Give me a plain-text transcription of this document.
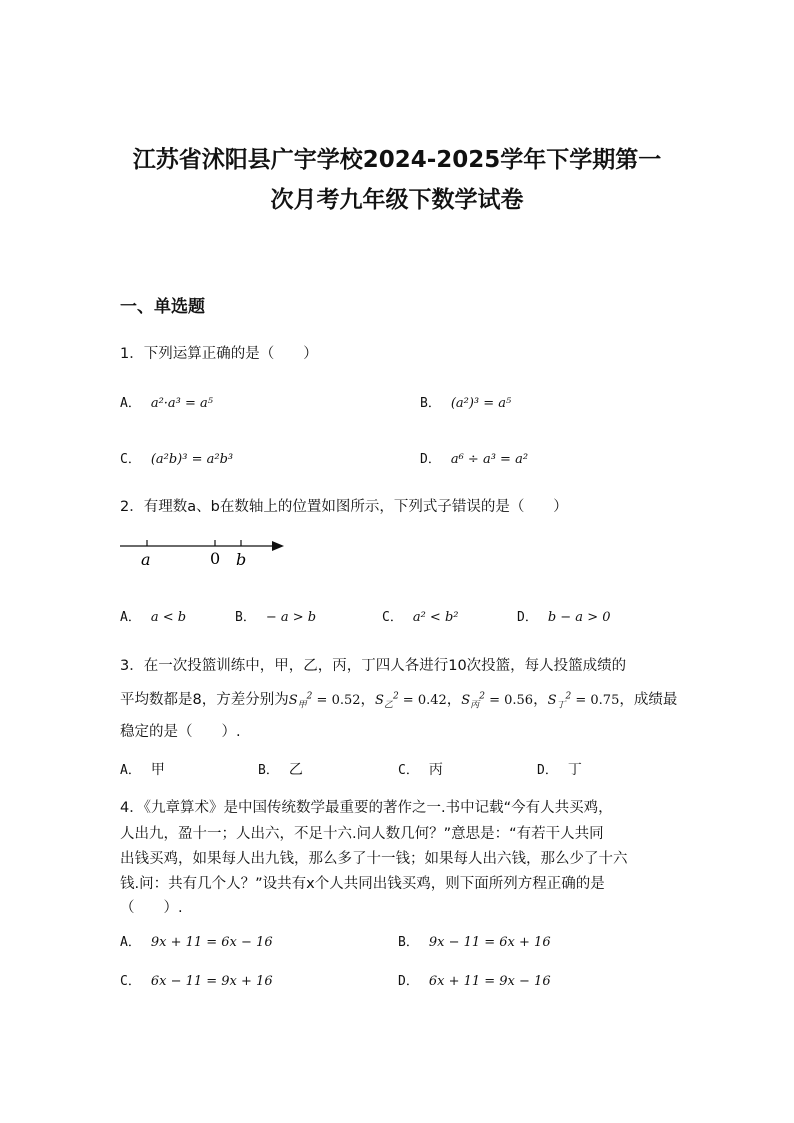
江苏省沭阳县广宇学校2024-2025学年下学期第一
次月考九年级下数学试卷
一、单选题
1．下列运算正确的是（　　）
A． a²·a³ = a⁵	B． (a²)³ = a⁵
C． (a²b)³ = a²b³	D． a⁶ ÷ a³ = a²
2．有理数a、b在数轴上的位置如图所示，下列式子错误的是（　　）
a	0 b
A． a < b	B． − a > b	C． a² < b²	D． b − a > 0
3．在一次投篮训练中，甲，乙，丙，丁四人各进行10次投篮，每人投篮成绩的
平均数都是8，方差分别为$S_甲^2 = 0.52$，$S_乙^2 = 0.42$，$S_丙^2 = 0.56$，$S_丁^2 = 0.75$，成绩最
稳定的是（　　）.
A． 甲	B． 乙	C． 丙	D． 丁
4．《九章算术》是中国传统数学最重要的著作之一.书中记载“今有人共买鸡，
人出九，盈十一；人出六，不足十六.问人数几何？”意思是：“有若干人共同
出钱买鸡，如果每人出九钱，那么多了十一钱；如果每人出六钱，那么少了十六
钱.问：共有几个人？”设共有x个人共同出钱买鸡，则下面所列方程正确的是
（　　）.
A． 9x + 11 = 6x − 16	B． 9x − 11 = 6x + 16
C． 6x − 11 = 9x + 16	D． 6x + 11 = 9x − 16
